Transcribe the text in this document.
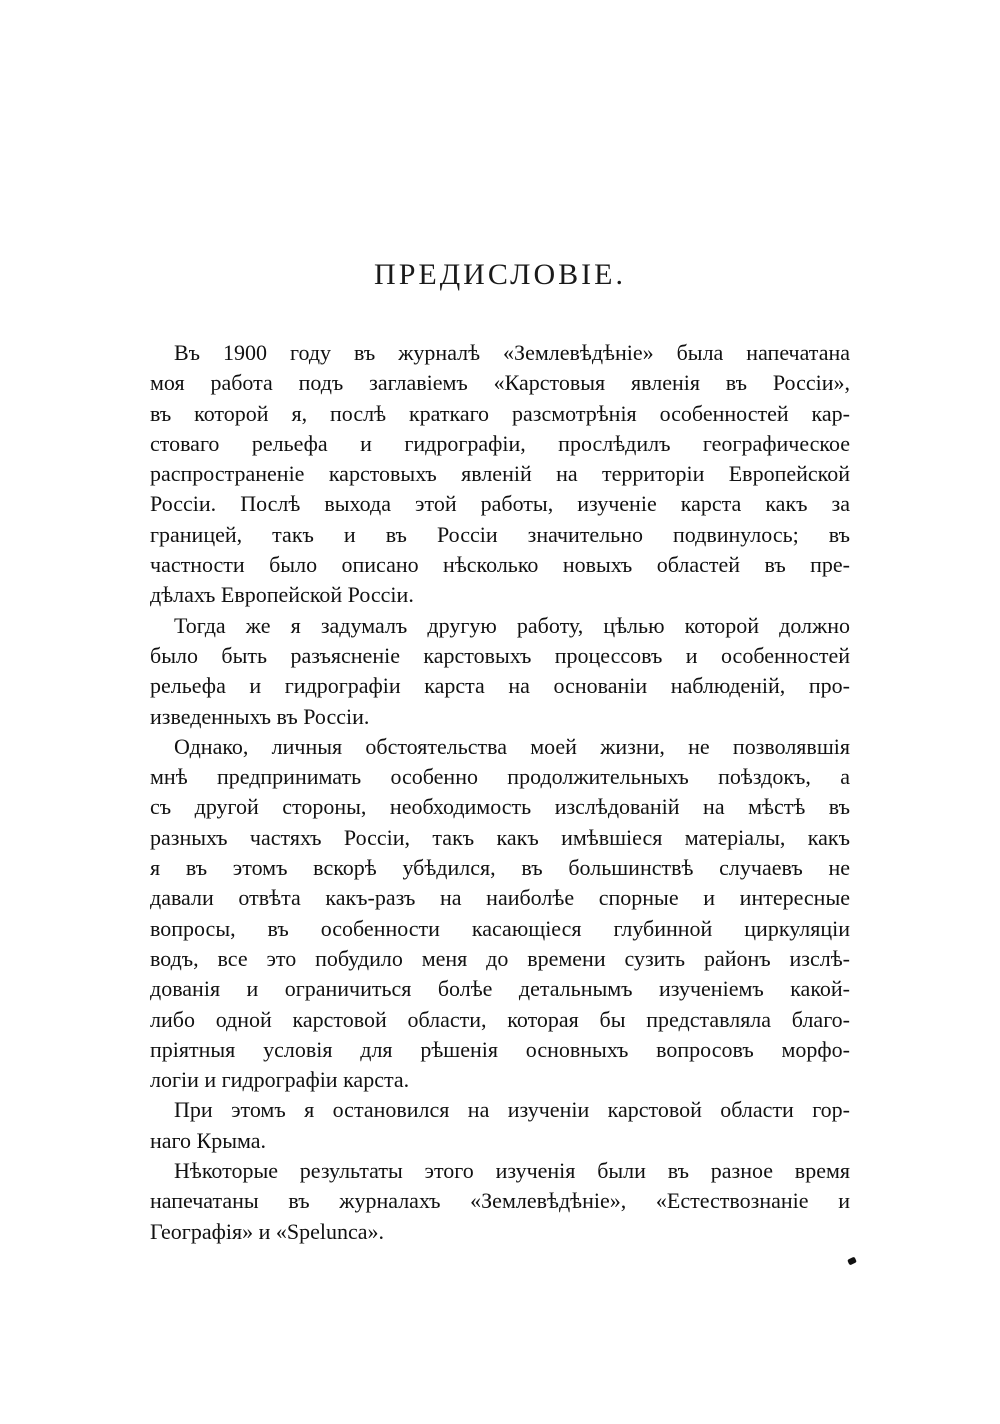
ПРЕДИСЛОВІЕ.

Въ 1900 году въ журналѣ «Землевѣдѣніе» была напечатана
моя работа подъ заглавіемъ «Карстовыя явленія въ Россіи»,
въ которой я, послѣ краткаго разсмотрѣнія особенностей кар-
стоваго рельефа и гидрографіи, прослѣдилъ географическое
распространеніе карстовыхъ явленій на территоріи Европейской
Россіи. Послѣ выхода этой работы, изученіе карста какъ за
границей, такъ и въ Россіи значительно подвинулось; въ
частности было описано нѣсколько новыхъ областей въ пре-
дѣлахъ Европейской Россіи.

Тогда же я задумалъ другую работу, цѣлью которой должно
было быть разъясненіе карстовыхъ процессовъ и особенностей
рельефа и гидрографіи карста на основаніи наблюденій, про-
изведенныхъ въ Россіи.

Однако, личныя обстоятельства моей жизни, не позволявшія
мнѣ предпринимать особенно продолжительныхъ поѣздокъ, а
съ другой стороны, необходимость изслѣдованій на мѣстѣ въ
разныхъ частяхъ Россіи, такъ какъ имѣвшіеся матеріалы, какъ
я въ этомъ вскорѣ убѣдился, въ большинствѣ случаевъ не
давали отвѣта какъ-разъ на наиболѣе спорные и интересные
вопросы, въ особенности касающіеся глубинной циркуляціи
водъ, все это побудило меня до времени сузить районъ изслѣ-
дованія и ограничиться болѣе детальнымъ изученіемъ какой-
либо одной карстовой области, которая бы представляла благо-
пріятныя условія для рѣшенія основныхъ вопросовъ морфо-
логіи и гидрографіи карста.

При этомъ я остановился на изученіи карстовой области гор-
наго Крыма.

Нѣкоторые результаты этого изученія были въ разное время
напечатаны въ журналахъ «Землевѣдѣніе», «Естествознаніе и
Географія» и «Spelunca».
